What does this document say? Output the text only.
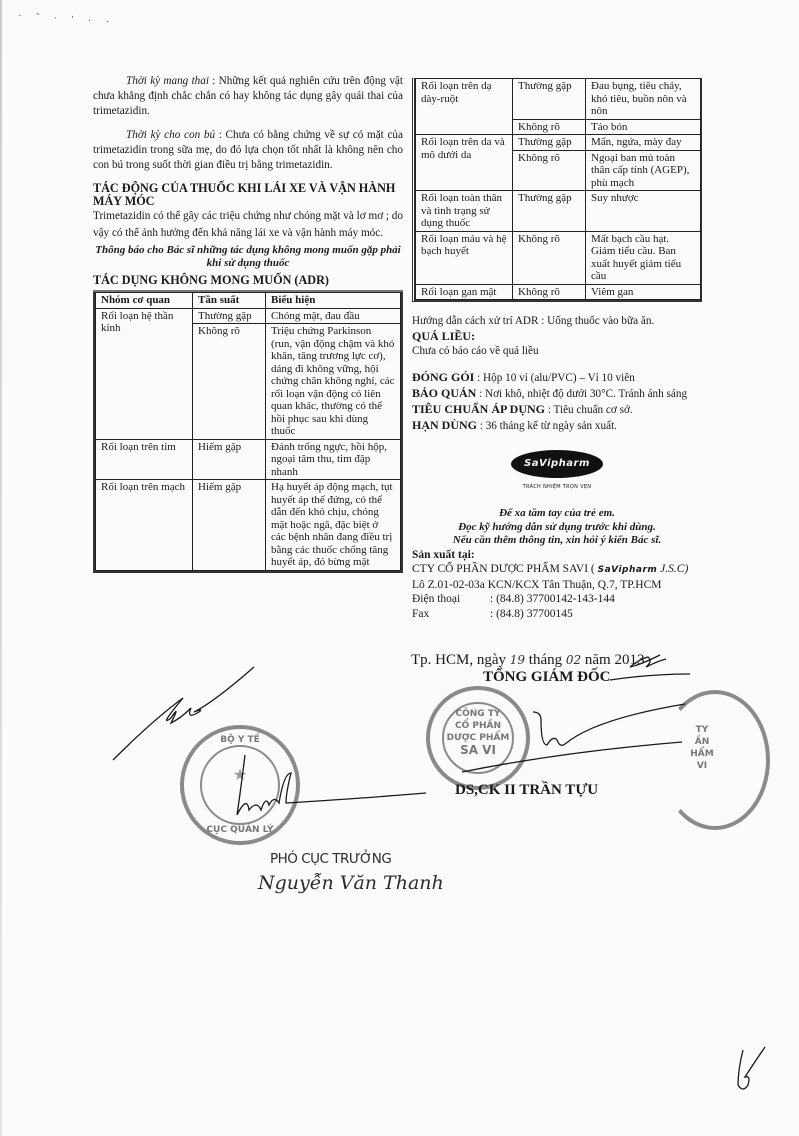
· ˜ · ' · ·

Thời kỳ mang thai : Những kết quả nghiên cứu trên động vật chưa khẳng định chắc chắn có hay không tác dụng gây quái thai của trimetazidin.

Thời kỳ cho con bú : Chưa có bằng chứng về sự có mặt của trimetazidin trong sữa mẹ, do đó lựa chọn tốt nhất là không nên cho con bú trong suốt thời gian điều trị bằng trimetazidin.

TÁC ĐỘNG CỦA THUỐC KHI LÁI XE VÀ VẬN HÀNH MÁY MÓC

Trimetazidin có thể gây các triệu chứng như chóng mặt và lơ mơ ; do vậy có thể ảnh hưởng đến khả năng lái xe và vận hành máy móc.

Thông báo cho Bác sĩ những tác dụng không mong muốn gặp phải khi sử dụng thuốc

TÁC DỤNG KHÔNG MONG MUỐN (ADR)

Nhóm cơ quan	Tần suất	Biểu hiện
Rối loạn hệ thần kinh	Thường gặp	Chóng mặt, đau đầu
	Không rõ	Triệu chứng Parkinson (run, vận động chậm và khó khăn, tăng trương lực cơ), dáng đi không vững, hội chứng chân không nghỉ, các rối loạn vận động có liên quan khác, thường có thể hồi phục sau khi dùng thuốc
Rối loạn trên tim	Hiếm gặp	Đánh trống ngực, hồi hộp, ngoại tâm thu, tim đập nhanh
Rối loạn trên mạch	Hiếm gặp	Hạ huyết áp động mạch, tụt huyết áp thế đứng, có thể dẫn đến khó chịu, chóng mặt hoặc ngã, đặc biệt ở các bệnh nhân đang điều trị bằng các thuốc chống tăng huyết áp, đỏ bừng mặt
Rối loạn trên dạ dày-ruột	Thường gặp	Đau bụng, tiêu chảy, khó tiêu, buồn nôn và nôn
	Không rõ	Táo bón
Rối loạn trên da và mô dưới da	Thường gặp	Mẩn, ngứa, mày đay
	Không rõ	Ngoại ban mủ toàn thân cấp tính (AGEP), phù mạch
Rối loạn toàn thân và tình trạng sử dụng thuốc	Thường gặp	Suy nhược
Rối loạn máu và hệ bạch huyết	Không rõ	Mất bạch cầu hạt. Giảm tiểu cầu. Ban xuất huyết giảm tiểu cầu
Rối loạn gan mật	Không rõ	Viêm gan

Hướng dẫn cách xử trí ADR : Uống thuốc vào bữa ăn.

QUÁ LIỀU:

Chưa có báo cáo về quá liều

ĐÓNG GÓI : Hộp 10 vỉ (alu/PVC) – Vỉ 10 viên

BẢO QUẢN : Nơi khô, nhiệt độ dưới 30°C. Tránh ánh sáng

TIÊU CHUẨN ÁP DỤNG : Tiêu chuẩn cơ sở.

HẠN DÙNG : 36 tháng kể từ ngày sản xuất.

SaVipharm
TRÁCH NHIỆM TRỌN VẸN

Để xa tầm tay của trẻ em.

Đọc kỹ hướng dẫn sử dụng trước khi dùng.

Nếu cần thêm thông tin, xin hỏi ý kiến Bác sĩ.

Sản xuất tại:

CTY CỔ PHẦN DƯỢC PHẨM SAVI ( SaVipharm J.S.C)

Lô Z.01-02-03a KCN/KCX Tân Thuận, Q.7, TP.HCM

Điện thoại	: (84.8) 37700142-143-144

Fax	: (84.8) 37700145

Tp. HCM, ngày 19 tháng 02 năm 2013
TỔNG GIÁM ĐỐC
CÔNG TY
CỔ PHẦN
DƯỢC PHẨM
SA VI
TY
ẦN
HẨM
VI
DS,CK II TRẦN TỰU
BỘ Y TẾ
★
CỤC QUẢN LÝ
PHÓ CỤC TRƯỞNG
Nguyễn Văn Thanh
